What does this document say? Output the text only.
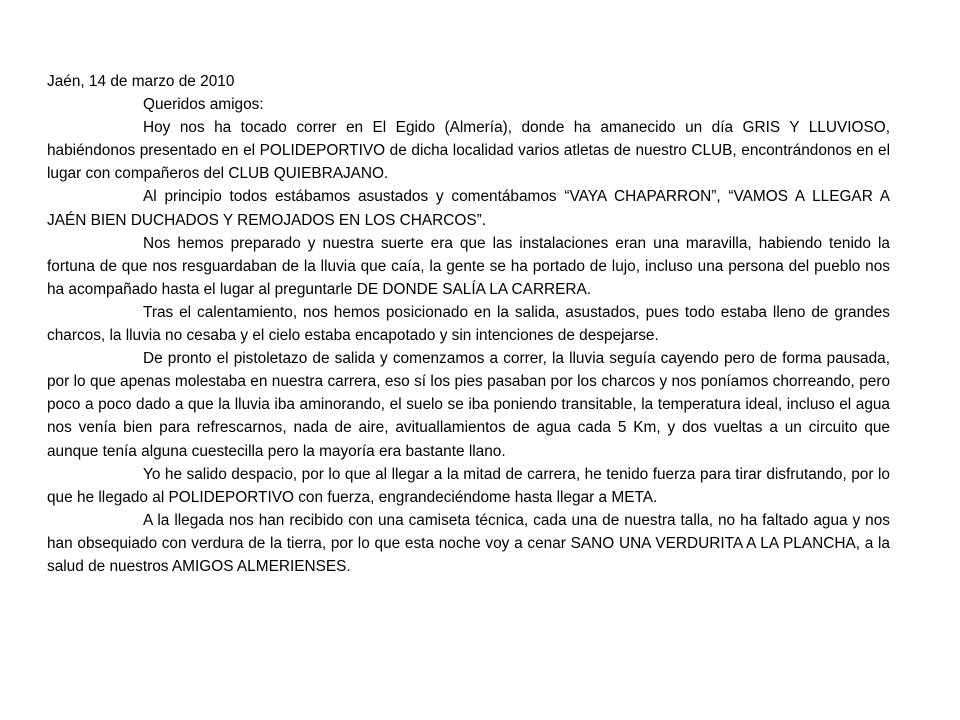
Jaén, 14 de marzo de 2010

Queridos amigos:

Hoy nos ha tocado correr en El Egido (Almería), donde ha amanecido un día GRIS Y LLUVIOSO, habiéndonos presentado en el POLIDEPORTIVO de dicha localidad varios atletas de nuestro CLUB, encontrándonos en el lugar con compañeros del CLUB QUIEBRAJANO.

Al principio todos estábamos asustados y comentábamos “VAYA CHAPARRON”, “VAMOS A LLEGAR A JAÉN BIEN DUCHADOS Y REMOJADOS EN LOS CHARCOS”.

Nos hemos preparado y nuestra suerte era que las instalaciones eran una maravilla, habiendo tenido la fortuna de que nos resguardaban de la lluvia que caía, la gente se ha portado de lujo, incluso una persona del pueblo nos ha acompañado hasta el lugar al preguntarle DE DONDE SALÍA LA CARRERA.

Tras el calentamiento, nos hemos posicionado en la salida, asustados, pues todo estaba lleno de grandes charcos, la lluvia no cesaba y el cielo estaba encapotado y sin intenciones de despejarse.

De pronto el pistoletazo de salida y comenzamos a correr, la lluvia seguía cayendo pero de forma pausada, por lo que apenas molestaba en nuestra carrera, eso sí los pies pasaban por los charcos y nos poníamos chorreando, pero poco a poco dado a que la lluvia iba aminorando, el suelo se iba poniendo transitable, la temperatura ideal, incluso el agua nos venía bien para refrescarnos, nada de aire, avituallamientos de agua cada 5 Km, y dos vueltas a un circuito que aunque tenía alguna cuestecilla pero la mayoría era bastante llano.

Yo he salido despacio, por lo que al llegar a la mitad de carrera, he tenido fuerza para tirar disfrutando, por lo que he llegado al POLIDEPORTIVO con fuerza, engrandeciéndome hasta llegar a META.

A la llegada nos han recibido con una camiseta técnica, cada una de nuestra talla, no ha faltado agua y nos han obsequiado con verdura de la tierra, por lo que esta noche voy a cenar SANO UNA VERDURITA A LA PLANCHA, a la salud de nuestros AMIGOS ALMERIENSES.
